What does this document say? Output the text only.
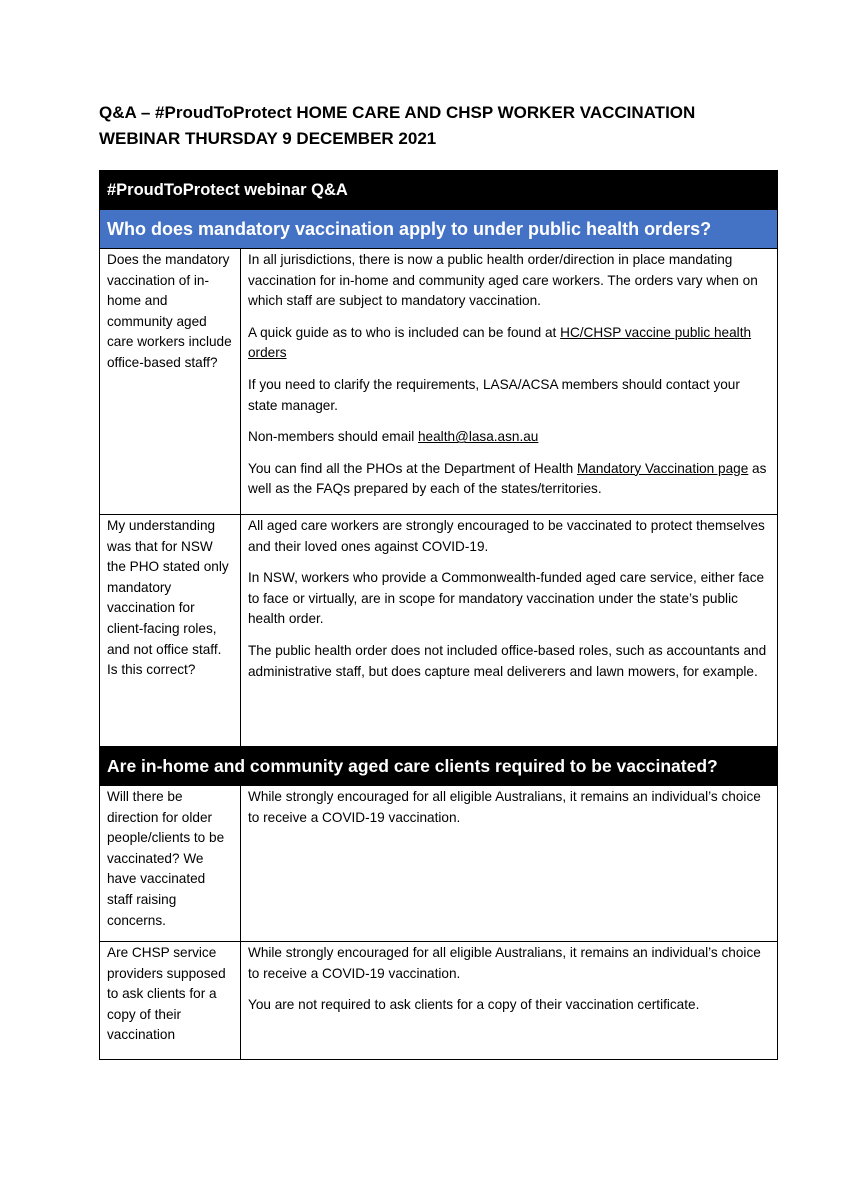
Q&A – #ProudToProtect HOME CARE AND CHSP WORKER VACCINATION
WEBINAR THURSDAY 9 DECEMBER 2021
#ProudToProtect webinar Q&A	
Who does mandatory vaccination apply to under public health orders?	
Does the mandatory vaccination of in-home and community aged care workers include office-based staff?	In all jurisdictions, there is now a public health order/direction in place mandating vaccination for in-home and community aged care workers. The orders vary when on which staff are subject to mandatory vaccination.

A quick guide as to who is included can be found at HC/CHSP vaccine public health orders

If you need to clarify the requirements, LASA/ACSA members should contact your state manager.

Non-members should email health@lasa.asn.au

You can find all the PHOs at the Department of Health Mandatory Vaccination page as well as the FAQs prepared by each of the states/territories.

My understanding was that for NSW the PHO stated only mandatory vaccination for client-facing roles, and not office staff. Is this correct?	All aged care workers are strongly encouraged to be vaccinated to protect themselves and their loved ones against COVID-19.

In NSW, workers who provide a Commonwealth-funded aged care service, either face to face or virtually, are in scope for mandatory vaccination under the state’s public health order.

The public health order does not included office-based roles, such as accountants and administrative staff, but does capture meal deliverers and lawn mowers, for example.

Are in-home and community aged care clients required to be vaccinated?	
Will there be direction for older people/clients to be vaccinated? We have vaccinated staff raising concerns.	While strongly encouraged for all eligible Australians, it remains an individual’s choice to receive a COVID-19 vaccination.

Are CHSP service providers supposed to ask clients for a copy of their vaccination	While strongly encouraged for all eligible Australians, it remains an individual’s choice to receive a COVID-19 vaccination.

You are not required to ask clients for a copy of their vaccination certificate.
